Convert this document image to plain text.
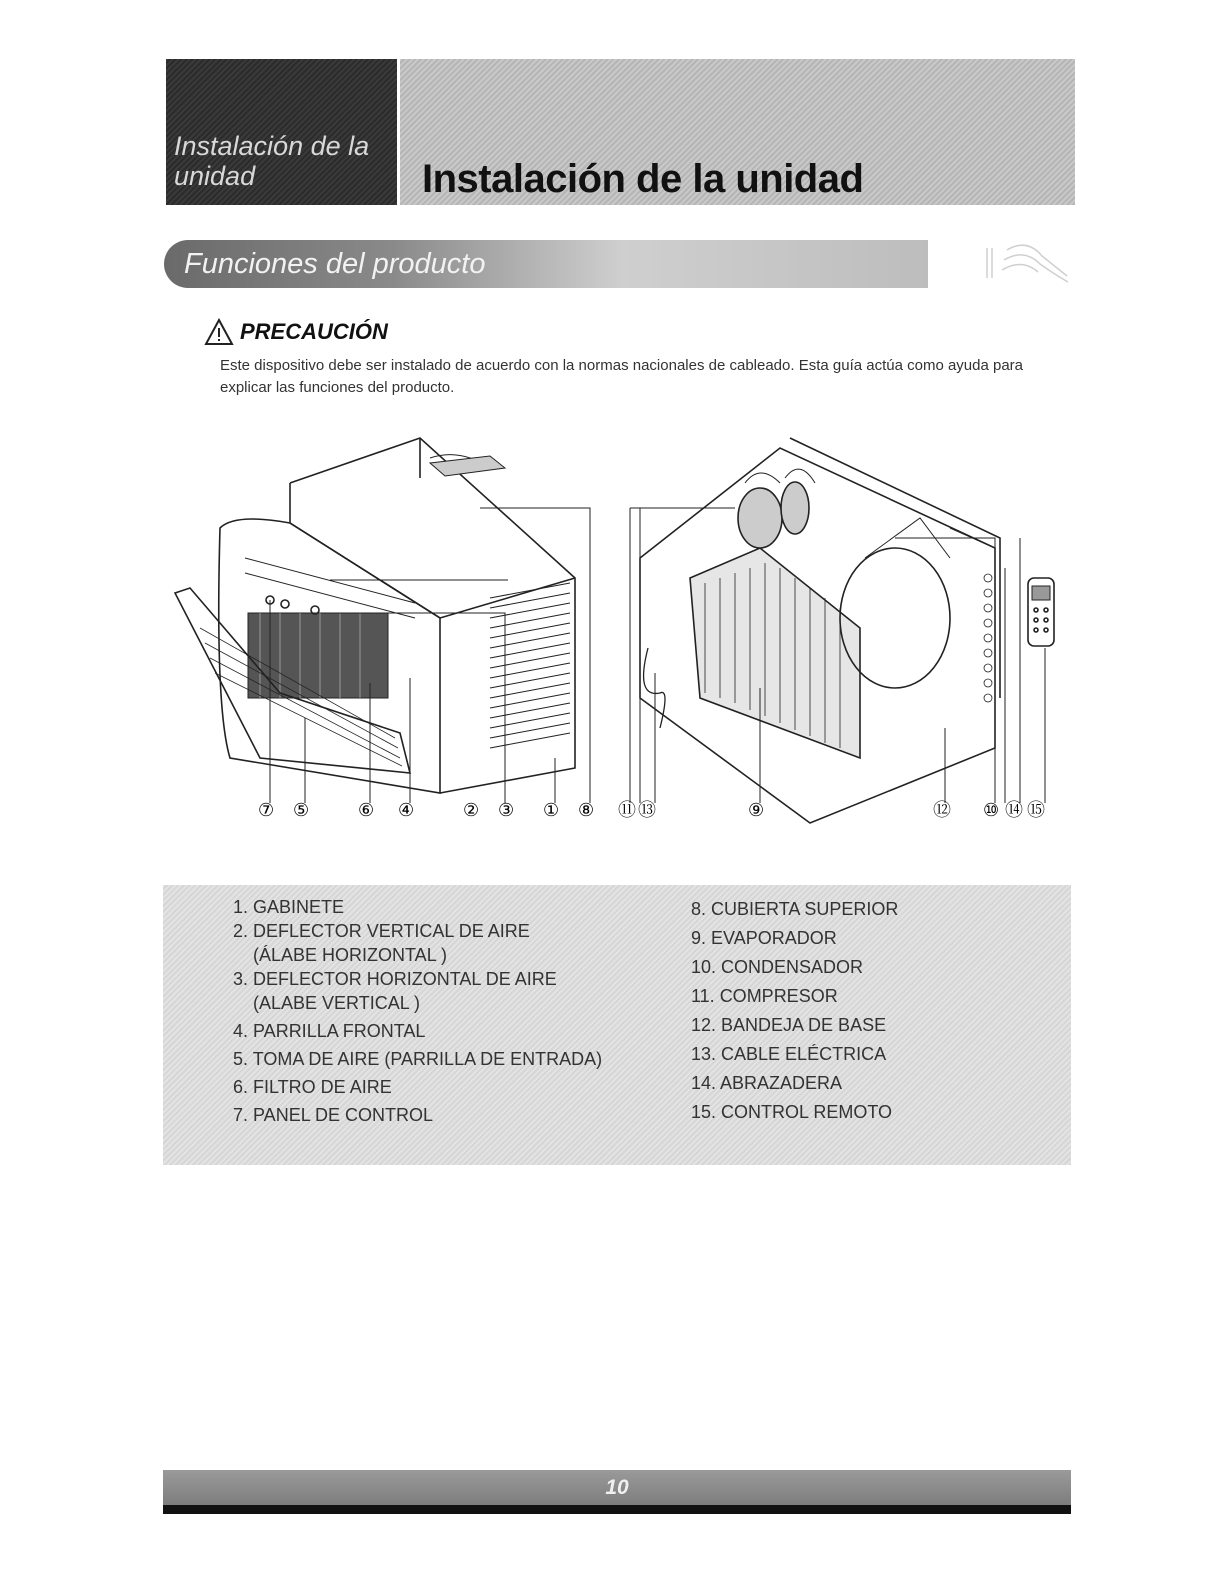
Instalación de la unidad	Instalación de la unidad
Funciones del producto
PRECAUCIÓN
Este dispositivo debe ser instalado de acuerdo con la normas nacionales de cableado. Esta guía actúa como ayuda para explicar las funciones del producto.
⑦ ⑤	⑥ ④	② ③ ① ⑧ ⑪ ⑬	⑨	⑫ ⑩ ⑭ ⑮
1. GABINETE
2. DEFLECTOR VERTICAL DE AIRE
(ÁLABE HORIZONTAL )
3. DEFLECTOR HORIZONTAL DE AIRE
(ALABE VERTICAL )
4. PARRILLA FRONTAL
5. TOMA DE AIRE (PARRILLA DE ENTRADA)
6. FILTRO DE AIRE
7. PANEL DE CONTROL
8. CUBIERTA SUPERIOR
9. EVAPORADOR
10. CONDENSADOR
11. COMPRESOR
12. BANDEJA DE BASE
13. CABLE ELÉCTRICA
14. ABRAZADERA
15. CONTROL REMOTO
10
